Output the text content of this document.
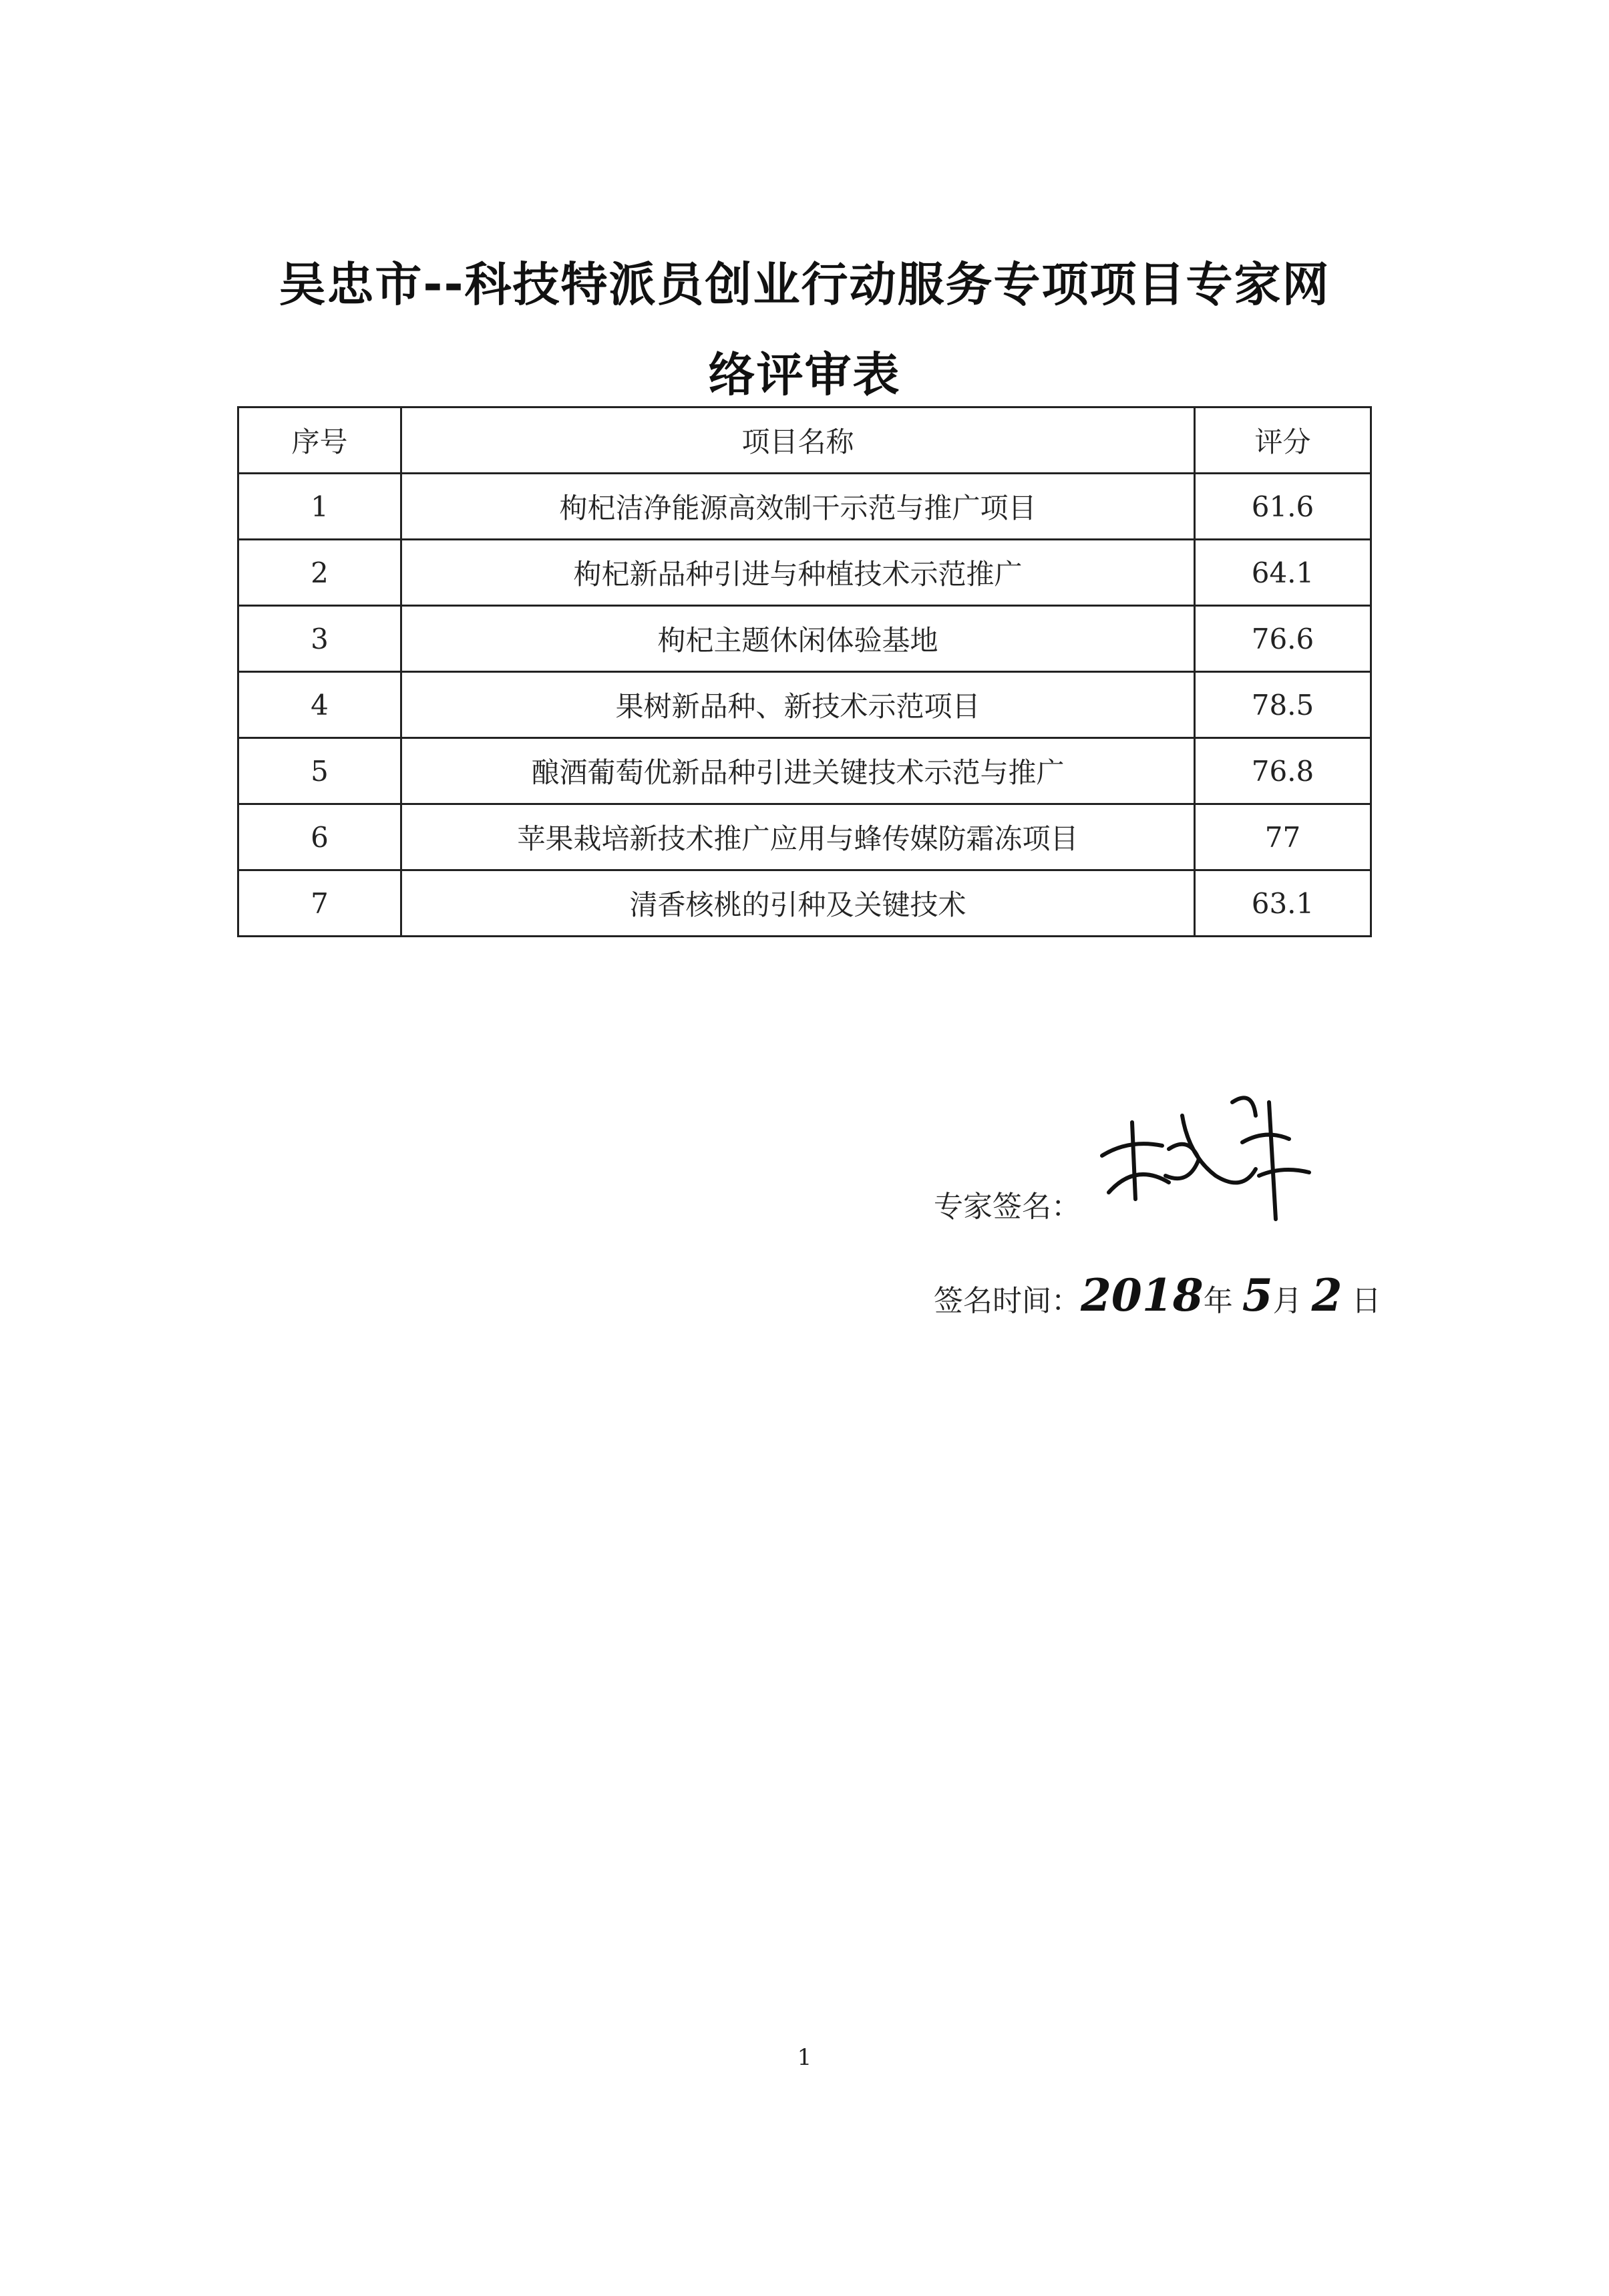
吴忠市--科技特派员创业行动服务专项项目专家网
络评审表
序号	项目名称	评分
1	枸杞洁净能源高效制干示范与推广项目	61.6
2	枸杞新品种引进与种植技术示范推广	64.1
3	枸杞主题休闲体验基地	76.6
4	果树新品种、新技术示范项目	78.5
5	酿酒葡萄优新品种引进关键技术示范与推广	76.8
6	苹果栽培新技术推广应用与蜂传媒防霜冻项目	77
7	清香核桃的引种及关键技术	63.1
专家签名：
签名时间：2018年 5月 2 日
1
